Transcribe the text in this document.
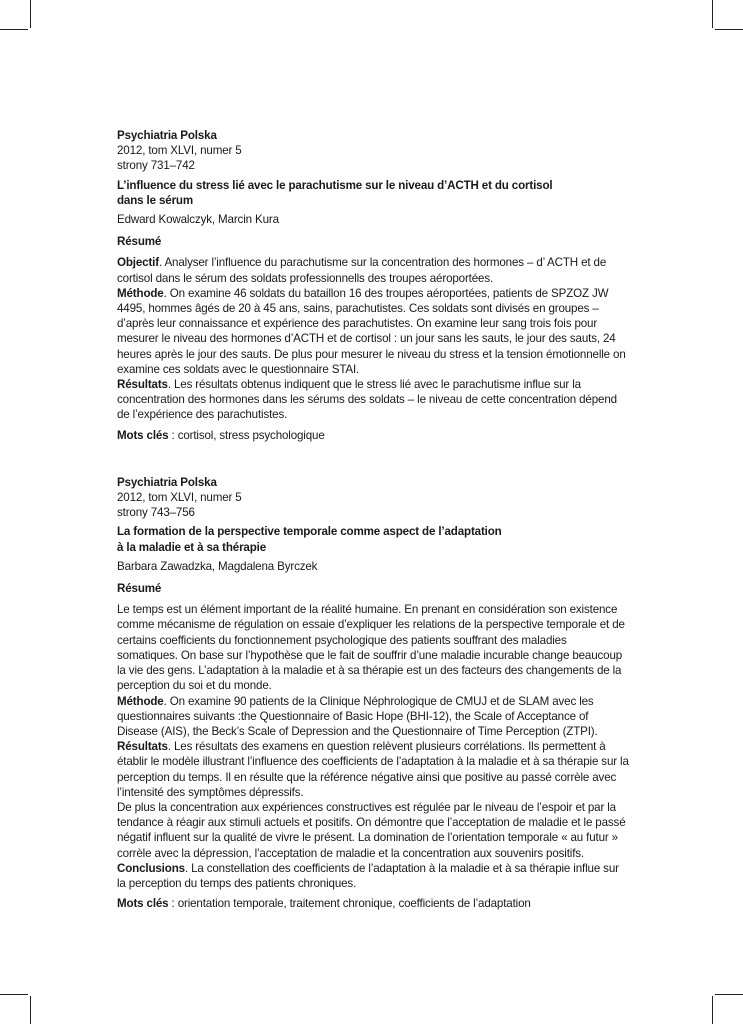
Psychiatria Polska

2012, tom XLVI, numer 5

strony 731–742

L’influence du stress lié avec le parachutisme sur le niveau d’ACTH et du cortisol
dans le sérum

Edward Kowalczyk, Marcin Kura

Résumé

Objectif. Analyser l’influence du parachutisme sur la concentration des hormones – d’ ACTH et de cortisol dans le sérum des soldats professionnells des troupes aéroportées.

Méthode. On examine 46 soldats du bataillon 16 des troupes aéroportées, patients de SPZOZ JW 4495, hommes âgés de 20 à 45 ans, sains, parachutistes. Ces soldats sont divisés en groupes – d’après leur connaissance et expérience des parachutistes. On examine leur sang trois fois pour mesurer le niveau des hormones d’ACTH et de cortisol : un jour sans les sauts, le jour des sauts, 24 heures après le jour des sauts. De plus pour mesurer le niveau du stress et la tension émotionnelle on examine ces soldats avec le questionnaire STAI.

Résultats. Les résultats obtenus indiquent que le stress lié avec le parachutisme influe sur la concentration des hormones dans les sérums des soldats – le niveau de cette concentration dépend de l’expérience des parachutistes.

Mots clés : cortisol, stress psychologique

Psychiatria Polska

2012, tom XLVI, numer 5

strony 743–756

La formation de la perspective temporale comme aspect de l’adaptation
à la maladie et à sa thérapie

Barbara Zawadzka, Magdalena Byrczek

Résumé

Le temps est un élément important de la réalité humaine. En prenant en considération son existence comme mécanisme de régulation on essaie d’expliquer les relations de la perspective temporale et de certains coefficients du fonctionnement psychologique des patients souffrant des maladies somatiques. On base sur l’hypothèse que le fait de souffrir d’une maladie incurable change beaucoup la vie des gens. L’adaptation à la maladie et à sa thérapie est un des facteurs des changements de la perception du soi et du monde.

Méthode. On examine 90 patients de la Clinique Néphrologique de CMUJ et de SLAM avec les questionnaires suivants :the Questionnaire of Basic Hope (BHI-12), the Scale of Acceptance of Disease (AIS), the Beck’s Scale of Depression and the Questionnaire of Time Perception (ZTPI).

Résultats. Les résultats des examens en question relèvent plusieurs corrélations. Ils permettent à établir le modèle illustrant l’influence des coefficients de l’adaptation à la maladie et à sa thérapie sur la perception du temps. Il en résulte que la référence négative ainsi que positive au passé corrèle avec l’intensité des symptômes dépressifs.

De plus la concentration aux expériences constructives est régulée par le niveau de l’espoir et par la tendance à réagir aux stimuli actuels et positifs. On démontre que l’acceptation de maladie et le passé négatif influent sur la qualité de vivre le présent. La domination de l’orientation temporale « au futur » corrèle avec la dépression, l’acceptation de maladie et la concentration aux souvenirs positifs.

Conclusions. La constellation des coefficients de l’adaptation à la maladie et à sa thérapie influe sur la perception du temps des patients chroniques.

Mots clés : orientation temporale, traitement chronique, coefficients de l’adaptation
